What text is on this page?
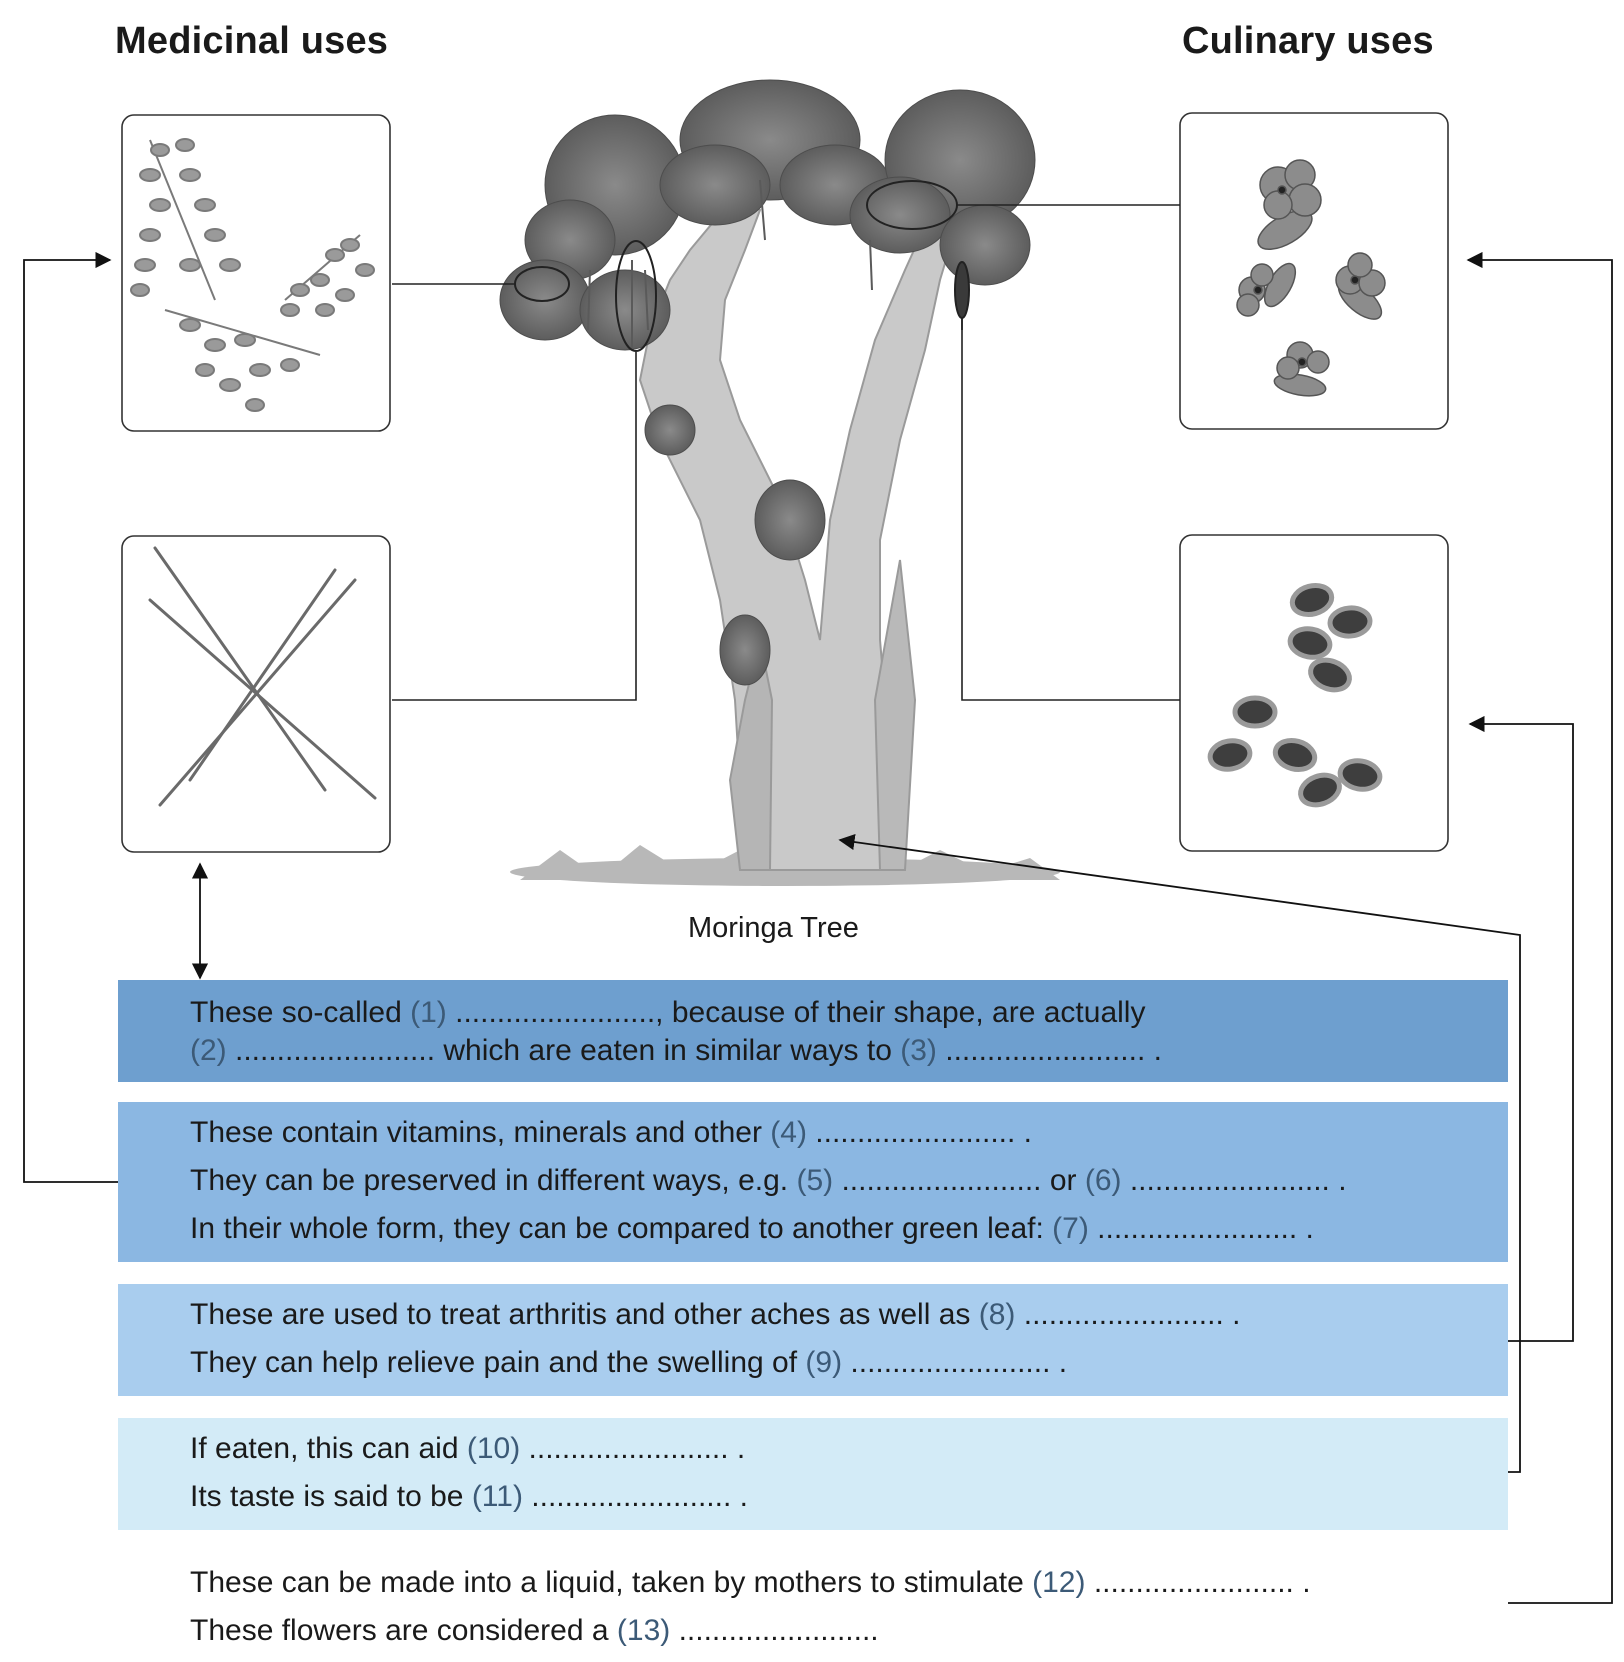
Medicinal uses	Culinary uses
Moringa Tree
These so-called (1) ........................, because of their shape, are actually
(2) ........................ which are eaten in similar ways to (3) ........................ .
These contain vitamins, minerals and other (4) ........................ .
They can be preserved in different ways, e.g. (5) ........................ or (6) ........................ .
In their whole form, they can be compared to another green leaf: (7) ........................ .
These are used to treat arthritis and other aches as well as (8) ........................ .
They can help relieve pain and the swelling of (9) ........................ .
If eaten, this can aid (10) ........................ .
Its taste is said to be (11) ........................ .
These can be made into a liquid, taken by mothers to stimulate (12) ........................ .
These flowers are considered a (13) ........................
